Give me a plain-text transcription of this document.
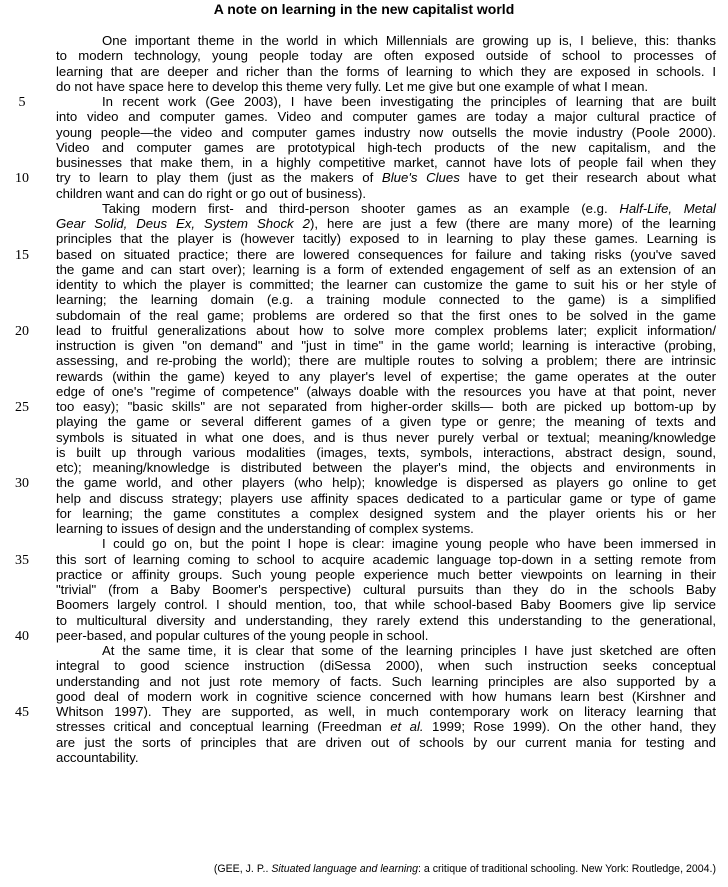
A note on learning in the new capitalist world
One important theme in the world in which Millennials are growing up is, I believe, this: thanks
to modern technology, young people today are often exposed outside of school to processes of
learning that are deeper and richer than the forms of learning to which they are exposed in schools. I
do not have space here to develop this theme very fully. Let me give but one example of what I mean.
In recent work (Gee 2003), I have been investigating the principles of learning that are built
into video and computer games. Video and computer games are today a major cultural practice of
young people—the video and computer games industry now outsells the movie industry (Poole 2000).
Video and computer games are prototypical high-tech products of the new capitalism, and the
businesses that make them, in a highly competitive market, cannot have lots of people fail when they
try to learn to play them (just as the makers of Blue's Clues have to get their research about what
children want and can do right or go out of business).
Taking modern first- and third-person shooter games as an example (e.g. Half-Life, Metal
Gear Solid, Deus Ex, System Shock 2), here are just a few (there are many more) of the learning
principles that the player is (however tacitly) exposed to in learning to play these games. Learning is
based on situated practice; there are lowered consequences for failure and taking risks (you've saved
the game and can start over); learning is a form of extended engagement of self as an extension of an
identity to which the player is committed; the learner can customize the game to suit his or her style of
learning; the learning domain (e.g. a training module connected to the game) is a simplified
subdomain of the real game; problems are ordered so that the first ones to be solved in the game
lead to fruitful generalizations about how to solve more complex problems later; explicit information/
instruction is given "on demand" and "just in time" in the game world; learning is interactive (probing,
assessing, and re-probing the world); there are multiple routes to solving a problem; there are intrinsic
rewards (within the game) keyed to any player's level of expertise; the game operates at the outer
edge of one's "regime of competence" (always doable with the resources you have at that point, never
too easy); "basic skills" are not separated from higher-order skills— both are picked up bottom-up by
playing the game or several different games of a given type or genre; the meaning of texts and
symbols is situated in what one does, and is thus never purely verbal or textual; meaning/knowledge
is built up through various modalities (images, texts, symbols, interactions, abstract design, sound,
etc); meaning/knowledge is distributed between the player's mind, the objects and environments in
the game world, and other players (who help); knowledge is dispersed as players go online to get
help and discuss strategy; players use affinity spaces dedicated to a particular game or type of game
for learning; the game constitutes a complex designed system and the player orients his or her
learning to issues of design and the understanding of complex systems.
I could go on, but the point I hope is clear: imagine young people who have been immersed in
this sort of learning coming to school to acquire academic language top-down in a setting remote from
practice or affinity groups. Such young people experience much better viewpoints on learning in their
"trivial" (from a Baby Boomer's perspective) cultural pursuits than they do in the schools Baby
Boomers largely control. I should mention, too, that while school-based Baby Boomers give lip service
to multicultural diversity and understanding, they rarely extend this understanding to the generational,
peer-based, and popular cultures of the young people in school.
At the same time, it is clear that some of the learning principles I have just sketched are often
integral to good science instruction (diSessa 2000), when such instruction seeks conceptual
understanding and not just rote memory of facts. Such learning principles are also supported by a
good deal of modern work in cognitive science concerned with how humans learn best (Kirshner and
Whitson 1997). They are supported, as well, in much contemporary work on literacy learning that
stresses critical and conceptual learning (Freedman et al. 1999; Rose 1999). On the other hand, they
are just the sorts of principles that are driven out of schools by our current mania for testing and
accountability.
5
10
15
20
25
30
35
40
45
(GEE, J. P.. Situated language and learning: a critique of traditional schooling. New York: Routledge, 2004.)
